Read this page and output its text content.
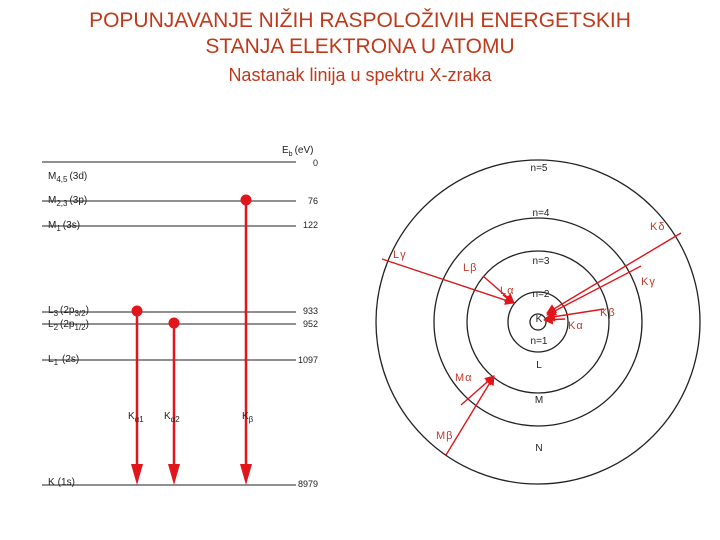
POPUNJAVANJE NIŽIH RASPOLOŽIVIH ENERGETSKIH
STANJA ELEKTRONA U ATOMU
Nastanak linija u spektru X-zraka
$E_b$ (eV)
$M_{4,5}$ (3d)
$M_{2,3}$ (3p)
$M_1$ (3s)
$L_3$ $(2p_{3/2})$
$L_2$ $(2p_{1/2})$
$L_1$ (2s)
K (1s)
0
76
122
933
952
1097
8979
$K_{\alpha 1}$ $K_{\alpha 2}$	$K_\beta$
n=5
n=4
n=3
n=2
n=1
K
L
M
N
Kα
Kβ
Kγ
Kδ
Lα
Lβ
Lγ
Mα
Mβ
